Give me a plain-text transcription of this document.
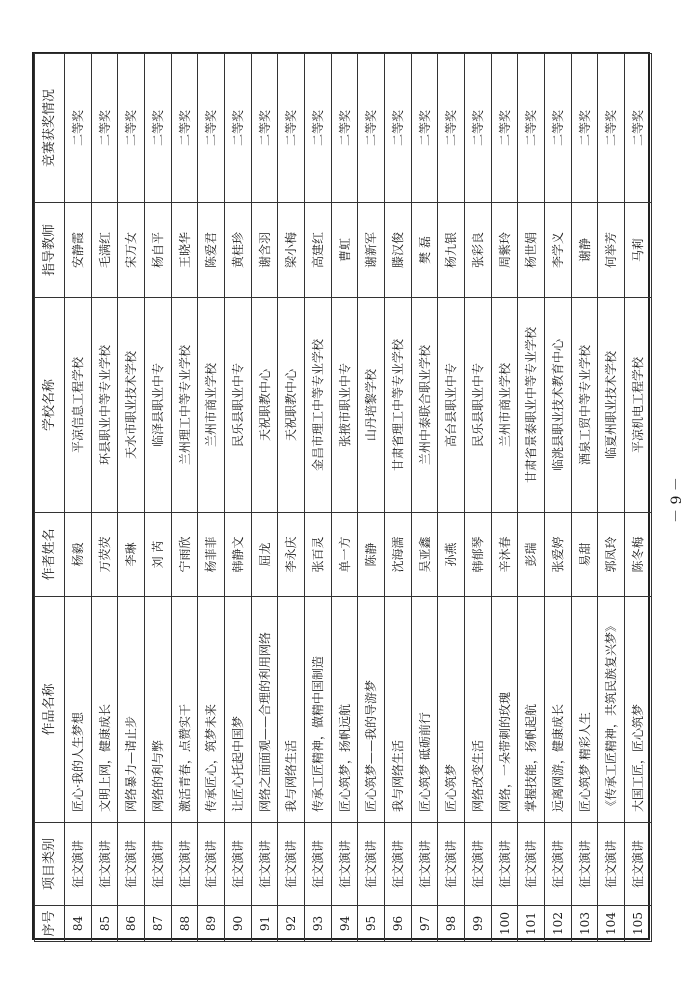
序号	项目类别	作品名称	作者姓名	学校名称	指导教师	竞赛获奖情况
84	征文演讲	匠心·我的人生梦想	杨毅	平凉信息工程学校	安静霞	二等奖
85	征文演讲	文明上网，健康成长	万荧荧	环县职业中等专业学校	毛满红	二等奖
86	征文演讲	网络暴力—请止步	李琳	天水市职业技术学校	宋万女	二等奖
87	征文演讲	网络的利与弊	刘 芮	临泽县职业中专	杨自平	二等奖
88	征文演讲	激活青春，点赞实干	宁雨欣	兰州理工中等专业学校	王晓华	二等奖
89	征文演讲	传承匠心，筑梦未来	杨菲菲	兰州市商业学校	陈爱君	二等奖
90	征文演讲	让匠心托起中国梦	韩静文	民乐县职业中专	黄桂珍	二等奖
91	征文演讲	网络之面面观——合理的利用网络	屈龙	天祝职教中心	谢含羽	二等奖
92	征文演讲	我与网络生活	李永庆	天祝职教中心	梁小梅	二等奖
93	征文演讲	传承工匠精神，做精中国制造	张百灵	金昌市理工中等专业学校	高建红	二等奖
94	征文演讲	匠心筑梦，扬帆远航	单一方	张掖市职业中专	曹虹	二等奖
95	征文演讲	匠心筑梦——我的导游梦	陈静	山丹培黎学校	谢新军	二等奖
96	征文演讲	我与网络生活	沈海濡	甘肃省理工中等专业学校	滕汉俊	二等奖
97	征文演讲	匠心筑梦 砥砺前行	吴亚鑫	兰州中泰联合职业学校	樊 磊	二等奖
98	征文演讲	匠心筑梦	孙燕	高台县职业中专	杨九银	二等奖
99	征文演讲	网络改变生活	韩郁琴	民乐县职业中专	张彩良	二等奖
100	征文演讲	网络，一朵带刺的玫瑰	辛沐春	兰州市商业学校	周紫玲	二等奖
101	征文演讲	掌握技能，扬帆起航	彭瑞	甘肃省景泰职业中等专业学校	杨世娟	二等奖
102	征文演讲	远离网游，健康成长	张爱婷	临洮县职业技术教育中心	李学义	二等奖
103	征文演讲	匠心筑梦 精彩人生	易甜	酒泉工贸中等专业学校	谢静	二等奖
104	征文演讲	《传承工匠精神，共筑民族复兴梦》	郭凤玲	临夏州职业技术学校	何举芳	二等奖
105	征文演讲	大国工匠，匠心筑梦	陈冬梅	平凉机电工程学校	马莉	二等奖
－ 9 －
